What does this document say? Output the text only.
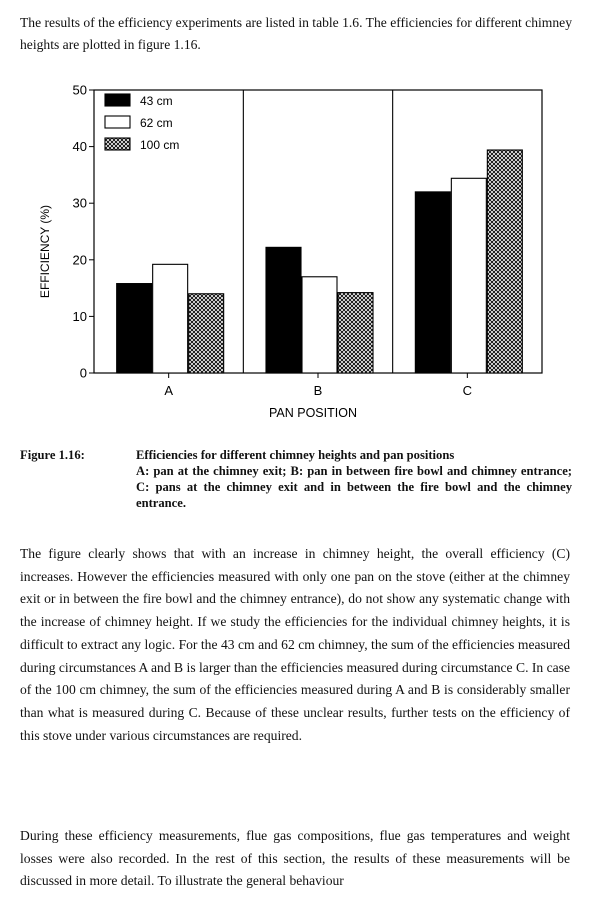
The results of the efficiency experiments are listed in table 1.6. The efficiencies for different chimney heights are plotted in figure 1.16.

0
10
20
30
40
50
A	B	C
PAN POSITION
EFFICIENCY (%)
43 cm
62 cm
100 cm
Figure 1.16:	Efficiencies for different chimney heights and pan positions
A: pan at the chimney exit; B: pan in between fire bowl and chimney entrance; C: pans at the chimney exit and in between the fire bowl and the chimney entrance.

The figure clearly shows that with an increase in chimney height, the overall efficiency (C) increases. However the efficiencies measured with only one pan on the stove (either at the chimney exit or in between the fire bowl and the chimney entrance), do not show any systematic change with the increase of chimney height. If we study the efficiencies for the individual chimney heights, it is difficult to extract any logic. For the 43 cm and 62 cm chimney, the sum of the efficiencies measured during circumstances A and B is larger than the efficiencies measured during circumstance C. In case of the 100 cm chimney, the sum of the efficiencies measured during A and B is considerably smaller than what is measured during C. Because of these unclear results, further tests on the efficiency of this stove under various circumstances are required.

During these efficiency measurements, flue gas compositions, flue gas temperatures and weight losses were also recorded. In the rest of this section, the results of these measurements will be discussed in more detail. To illustrate the general behaviour
